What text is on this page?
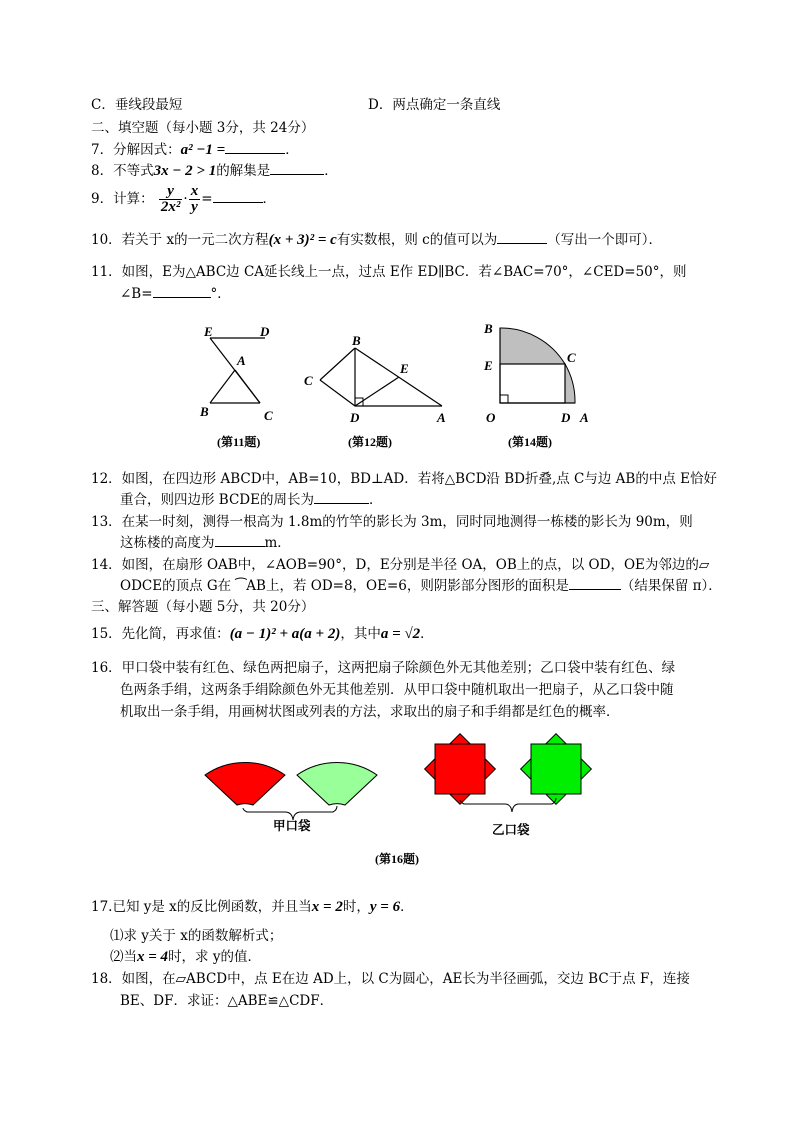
C．垂线段最短	D．两点确定一条直线
二、填空题（每小题 3分，共 24分）
7．分解因式：a² −1 =	．
8．不等式3x − 2 > 1的解集是	．
9．计算： $\frac{y}{\text{2x²}} \cdot \frac{x}{y}$ =	．
10．若关于 x的一元二次方程(x + 3)² = c有实数根，则 c的值可以为	（写出一个即可）．
11．如图，E为△ABC边 CA延长线上一点，过点 E作 ED∥BC．若∠BAC=70°，∠CED=50°，则
∠B=	°．
E	D
A
B	C
(第11题)
B
C
E
D	A
(第12题)
B
E
C
O	D A
(第14题)
12．如图，在四边形 ABCD中，AB=10，BD⊥AD．若将△BCD沿 BD折叠,点 C与边 AB的中点 E恰好
重合，则四边形 BCDE的周长为	．
13．在某一时刻，测得一根高为 1.8m的竹竿的影长为 3m，同时同地测得一栋楼的影长为 90m，则
这栋楼的高度为	m．
14．如图，在扇形 OAB中，∠AOB=90°，D，E分别是半径 OA，OB上的点，以 OD，OE为邻边的▱
ODCE的顶点 G在 ⁀AB上，若 OD=8，OE=6，则阴影部分图形的面积是	（结果保留 π）．
三、解答题（每小题 5分，共 20分）
15．先化简，再求值：(a − 1)² + a(a + 2)，其中a = √2．
16．甲口袋中装有红色、绿色两把扇子，这两把扇子除颜色外无其他差别；乙口袋中装有红色、绿
色两条手绢，这两条手绢除颜色外无其他差别．从甲口袋中随机取出一把扇子，从乙口袋中随
机取出一条手绢，用画树状图或列表的方法，求取出的扇子和手绢都是红色的概率．
甲口袋	乙口袋
(第16题)
17.已知 y是 x的反比例函数，并且当x = 2时，y = 6．
⑴求 y关于 x的函数解析式；
⑵当x = 4时，求 y的值．
18．如图，在▱ABCD中，点 E在边 AD上，以 C为圆心，AE长为半径画弧，交边 BC于点 F，连接
BE、DF．求证：△ABE≌△CDF．
